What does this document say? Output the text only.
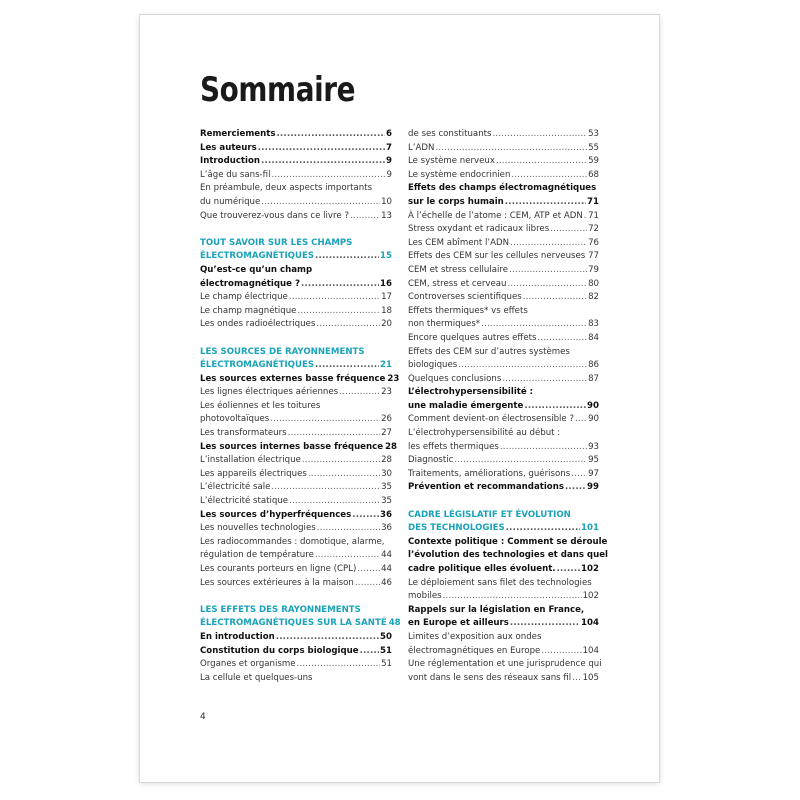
Sommaire
Remerciements .....	6
Les auteurs .....	7
Introduction .....	9
L’âge du sans-fil .....	9
En préambule, deux aspects importants
du numérique .....	10
Que trouverez-vous dans ce livre ? .....	13
TOUT SAVOIR SUR LES CHAMPS
ÉLECTROMAGNÉTIQUES .....	15
Qu’est-ce qu’un champ
électromagnétique ? .....	16
Le champ électrique .....	17
Le champ magnétique .....	18
Les ondes radioélectriques .....	20
LES SOURCES DE RAYONNEMENTS
ÉLECTROMAGNÉTIQUES .....	21
Les sources externes basse fréquence 23
Les lignes électriques aériennes .....	23
Les éoliennes et les toitures
photovoltaïques .....	26
Les transformateurs .....	27
Les sources internes basse fréquence 28
L’installation électrique .....	28
Les appareils électriques .....	30
L’électricité sale .....	35
L’électricité statique .....	35
Les sources d’hyperfréquences .....	36
Les nouvelles technologies .....	36
Les radiocommandes : domotique, alarme,
régulation de température .....	44
Les courants porteurs en ligne (CPL) .....	44
Les sources extérieures à la maison .....	46
LES EFFETS DES RAYONNEMENTS
ÉLECTROMAGNÉTIQUES SUR LA SANTÉ 48
En introduction .....	50
Constitution du corps biologique ..... 51
Organes et organisme .....	51
La cellule et quelques-uns
de ses constituants .....	53
L’ADN .....	55
Le système nerveux .....	59
Le système endocrinien .....	68
Effets des champs électromagnétiques
sur le corps humain .....	71
À l’échelle de l’atome : CEM, ATP et ADN ..... 71
Stress oxydant et radicaux libres .....	72
Les CEM abîment l’ADN .....	76
Effets des CEM sur les cellules nerveuses ..... 77
CEM et stress cellulaire .....	79
CEM, stress et cerveau .....	80
Controverses scientifiques .....	82
Effets thermiques* vs effets
non thermiques* .....	83
Encore quelques autres effets .....	84
Effets des CEM sur d’autres systèmes
biologiques .....	86
Quelques conclusions .....	87
L’électrohypersensibilité :
une maladie émergente .....	90
Comment devient-on électrosensible ? ..... 90
L’électrohypersensibilité au début :
les effets thermiques .....	93
Diagnostic .....	95
Traitements, améliorations, guérisons ..... 97
Prévention et recommandations .....	99
CADRE LÉGISLATIF ET ÉVOLUTION
DES TECHNOLOGIES .....	101
Contexte politique : Comment se déroule
l’évolution des technologies et dans quel
cadre politique elles évoluent. .....	102
Le déploiement sans filet des technologies
mobiles .....	102
Rappels sur la législation en France,
en Europe et ailleurs .....	104
Limites d’exposition aux ondes
électromagnétiques en Europe .....	104
Une réglementation et une jurisprudence qui
vont dans le sens des réseaux sans fil ..... 105
4
